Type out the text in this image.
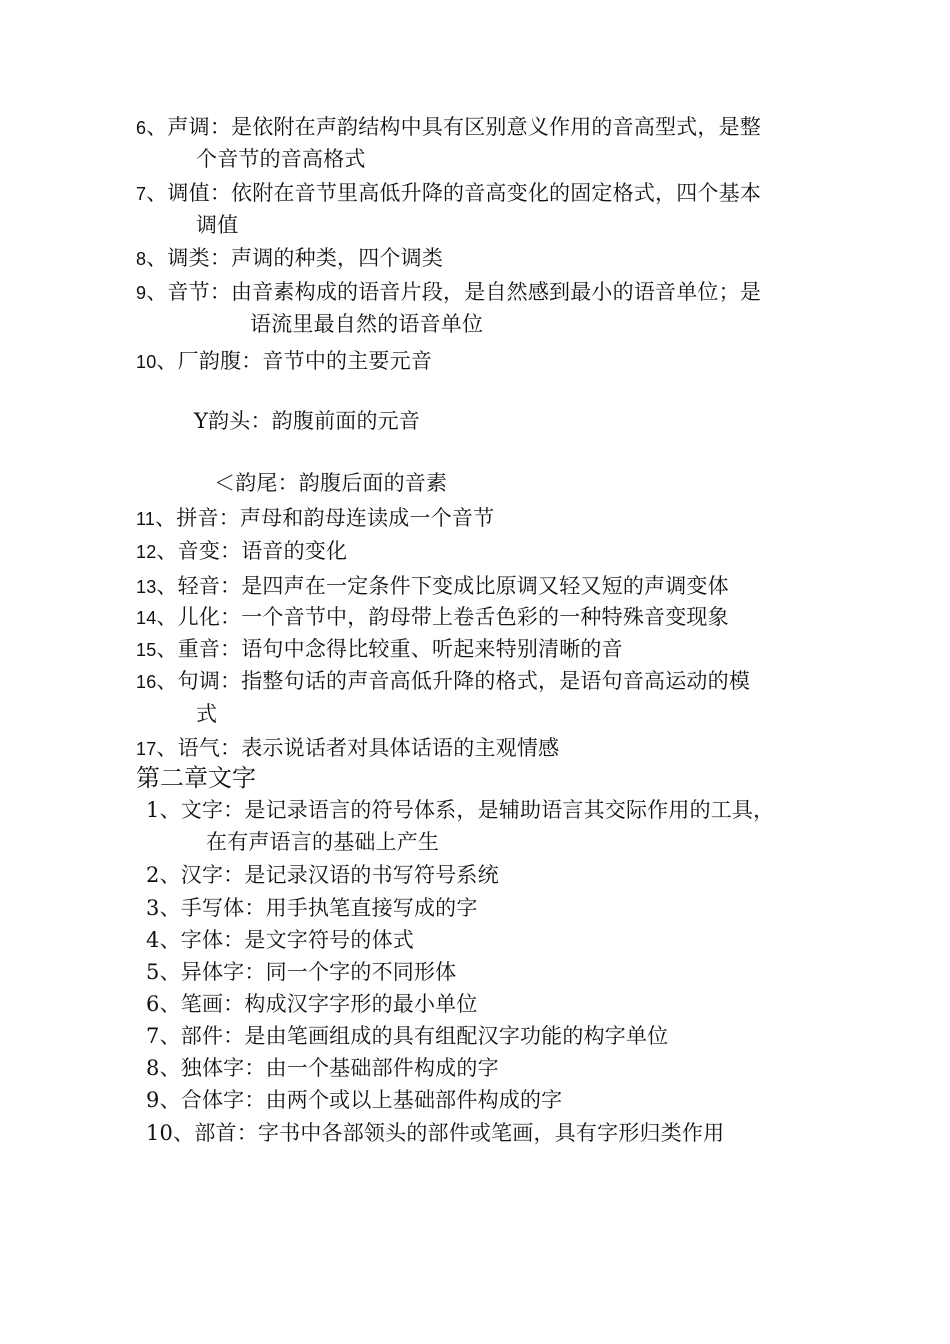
6、声调：是依附在声韵结构中具有区别意义作用的音高型式，是整
个音节的音高格式
7、调值：依附在音节里高低升降的音高变化的固定格式，四个基本
调值
8、调类：声调的种类，四个调类
9、音节：由音素构成的语音片段，是自然感到最小的语音单位；是
语流里最自然的语音单位
10、厂韵腹：音节中的主要元音
Y韵头：韵腹前面的元音
＜韵尾：韵腹后面的音素
11、拼音：声母和韵母连读成一个音节
12、音变：语音的变化
13、轻音：是四声在一定条件下变成比原调又轻又短的声调变体
14、儿化：一个音节中，韵母带上卷舌色彩的一种特殊音变现象
15、重音：语句中念得比较重、听起来特别清晰的音
16、句调：指整句话的声音高低升降的格式，是语句音高运动的模
式
17、语气：表示说话者对具体话语的主观情感
第二章文字
1、文字：是记录语言的符号体系，是辅助语言其交际作用的工具，
在有声语言的基础上产生
2、汉字：是记录汉语的书写符号系统
3、手写体：用手执笔直接写成的字
4、字体：是文字符号的体式
5、异体字：同一个字的不同形体
6、笔画：构成汉字字形的最小单位
7、部件：是由笔画组成的具有组配汉字功能的构字单位
8、独体字：由一个基础部件构成的字
9、合体字：由两个或以上基础部件构成的字
10、部首：字书中各部领头的部件或笔画，具有字形归类作用
